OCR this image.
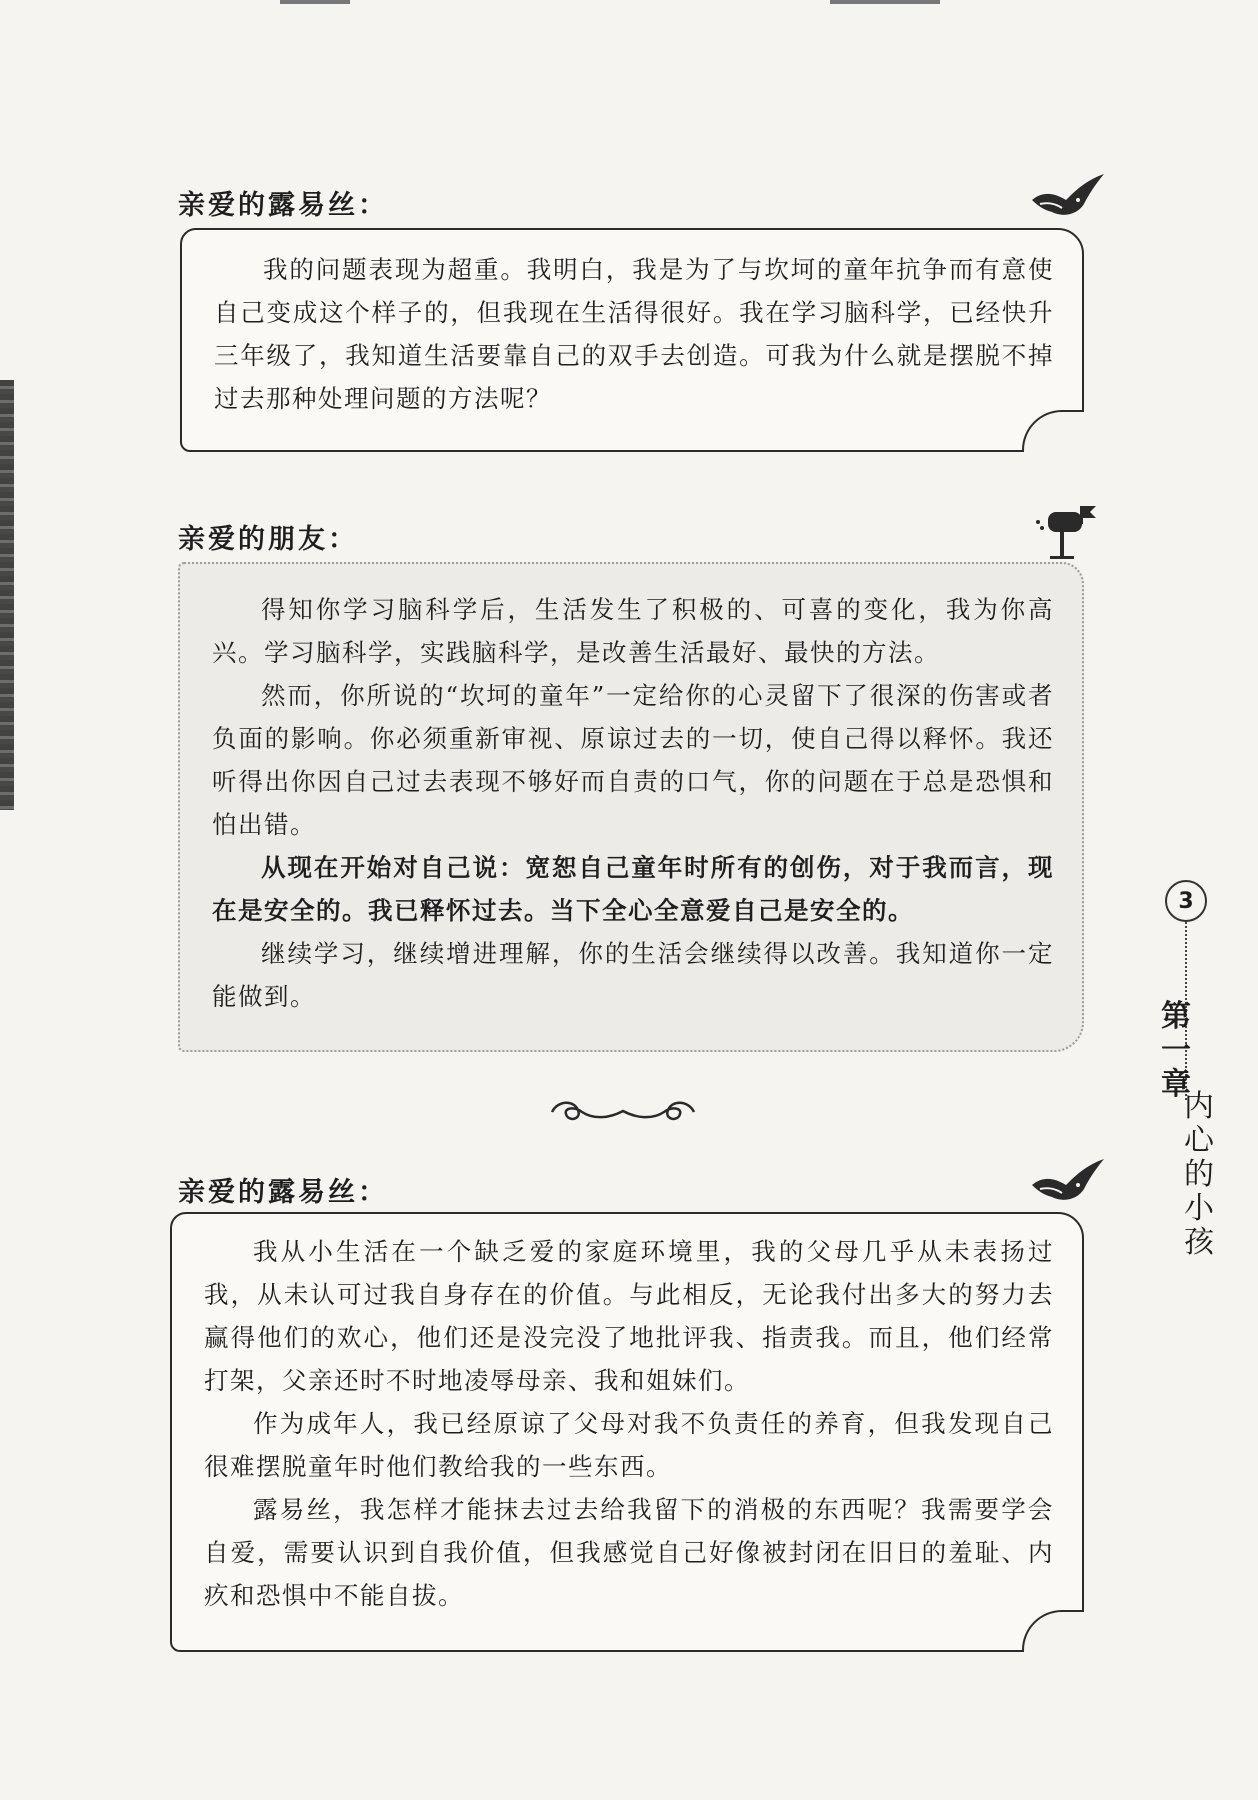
亲爱的露易丝：

我的问题表现为超重。我明白，我是为了与坎坷的童年抗争而有意使自己变成这个样子的，但我现在生活得很好。我在学习脑科学，已经快升三年级了，我知道生活要靠自己的双手去创造。可我为什么就是摆脱不掉过去那种处理问题的方法呢？

亲爱的朋友：

得知你学习脑科学后，生活发生了积极的、可喜的变化，我为你高兴。学习脑科学，实践脑科学，是改善生活最好、最快的方法。

然而，你所说的“坎坷的童年”一定给你的心灵留下了很深的伤害或者负面的影响。你必须重新审视、原谅过去的一切，使自己得以释怀。我还听得出你因自己过去表现不够好而自责的口气，你的问题在于总是恐惧和怕出错。

从现在开始对自己说：宽恕自己童年时所有的创伤，对于我而言，现在是安全的。我已释怀过去。当下全心全意爱自己是安全的。

继续学习，继续增进理解，你的生活会继续得以改善。我知道你一定能做到。

亲爱的露易丝：

我从小生活在一个缺乏爱的家庭环境里，我的父母几乎从未表扬过我，从未认可过我自身存在的价值。与此相反，无论我付出多大的努力去赢得他们的欢心，他们还是没完没了地批评我、指责我。而且，他们经常打架，父亲还时不时地凌辱母亲、我和姐妹们。

作为成年人，我已经原谅了父母对我不负责任的养育，但我发现自己很难摆脱童年时他们教给我的一些东西。

露易丝，我怎样才能抹去过去给我留下的消极的东西呢？我需要学会自爱，需要认识到自我价值，但我感觉自己好像被封闭在旧日的羞耻、内疚和恐惧中不能自拔。

3
第一章
内心的小孩
